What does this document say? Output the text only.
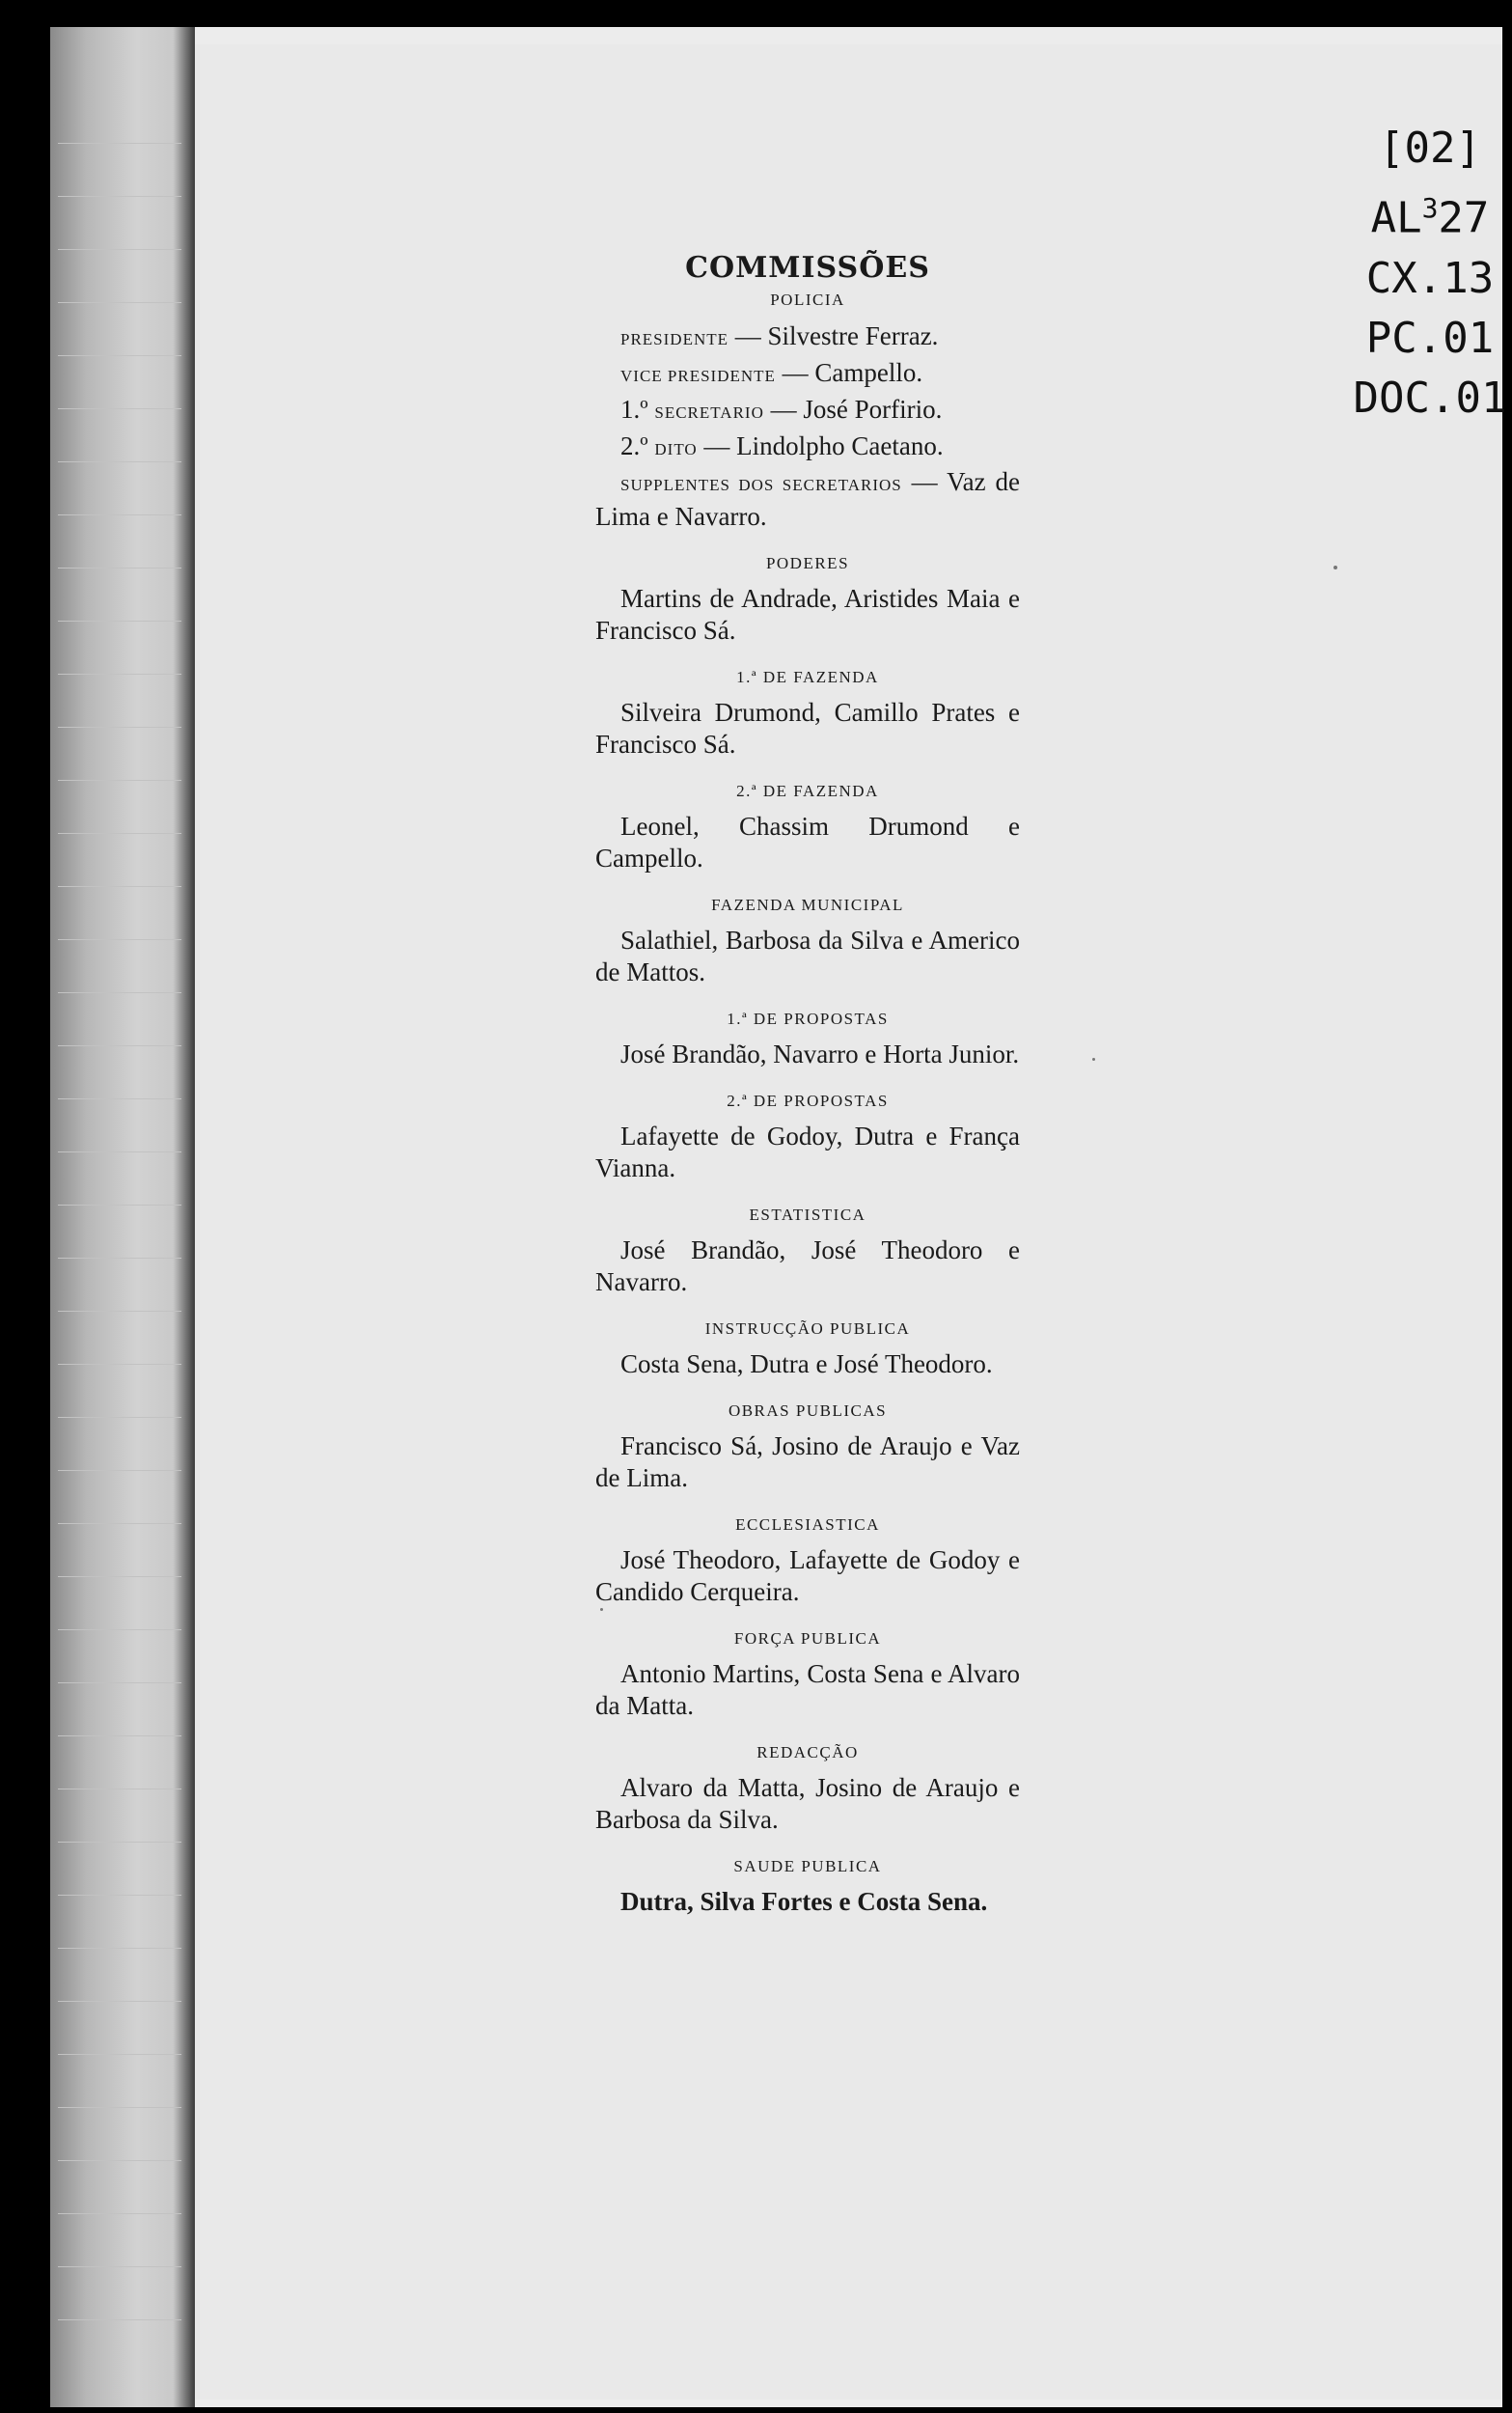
[02]
$AL^327$
CX.13
PC.01
DOC.01
COMMISSÕES
POLICIA
PRESIDENTE — Silvestre Ferraz.
VICE PRESIDENTE — Campello.
1.º SECRETARIO — José Porfirio.
2.º DITO — Lindolpho Caetano.
SUPPLENTES DOS SECRETARIOS — Vaz de Lima e Navarro.
PODERES
Martins de Andrade, Aristides Maia e Francisco Sá.
1.ª DE FAZENDA
Silveira Drumond, Camillo Prates e Francisco Sá.
2.ª DE FAZENDA
Leonel, Chassim Drumond e Campello.
FAZENDA MUNICIPAL
Salathiel, Barbosa da Silva e Americo de Mattos.
1.ª DE PROPOSTAS
José Brandão, Navarro e Horta Junior.
2.ª DE PROPOSTAS
Lafayette de Godoy, Dutra e França Vianna.
ESTATISTICA
José Brandão, José Theodoro e Navarro.
INSTRUCÇÃO PUBLICA
Costa Sena, Dutra e José Theodoro.
OBRAS PUBLICAS
Francisco Sá, Josino de Araujo e Vaz de Lima.
ECCLESIASTICA
José Theodoro, Lafayette de Godoy e Candido Cerqueira.
FORÇA PUBLICA
Antonio Martins, Costa Sena e Alvaro da Matta.
REDACÇÃO
Alvaro da Matta, Josino de Araujo e Barbosa da Silva.
SAUDE PUBLICA
Dutra, Silva Fortes e Costa Sena.
